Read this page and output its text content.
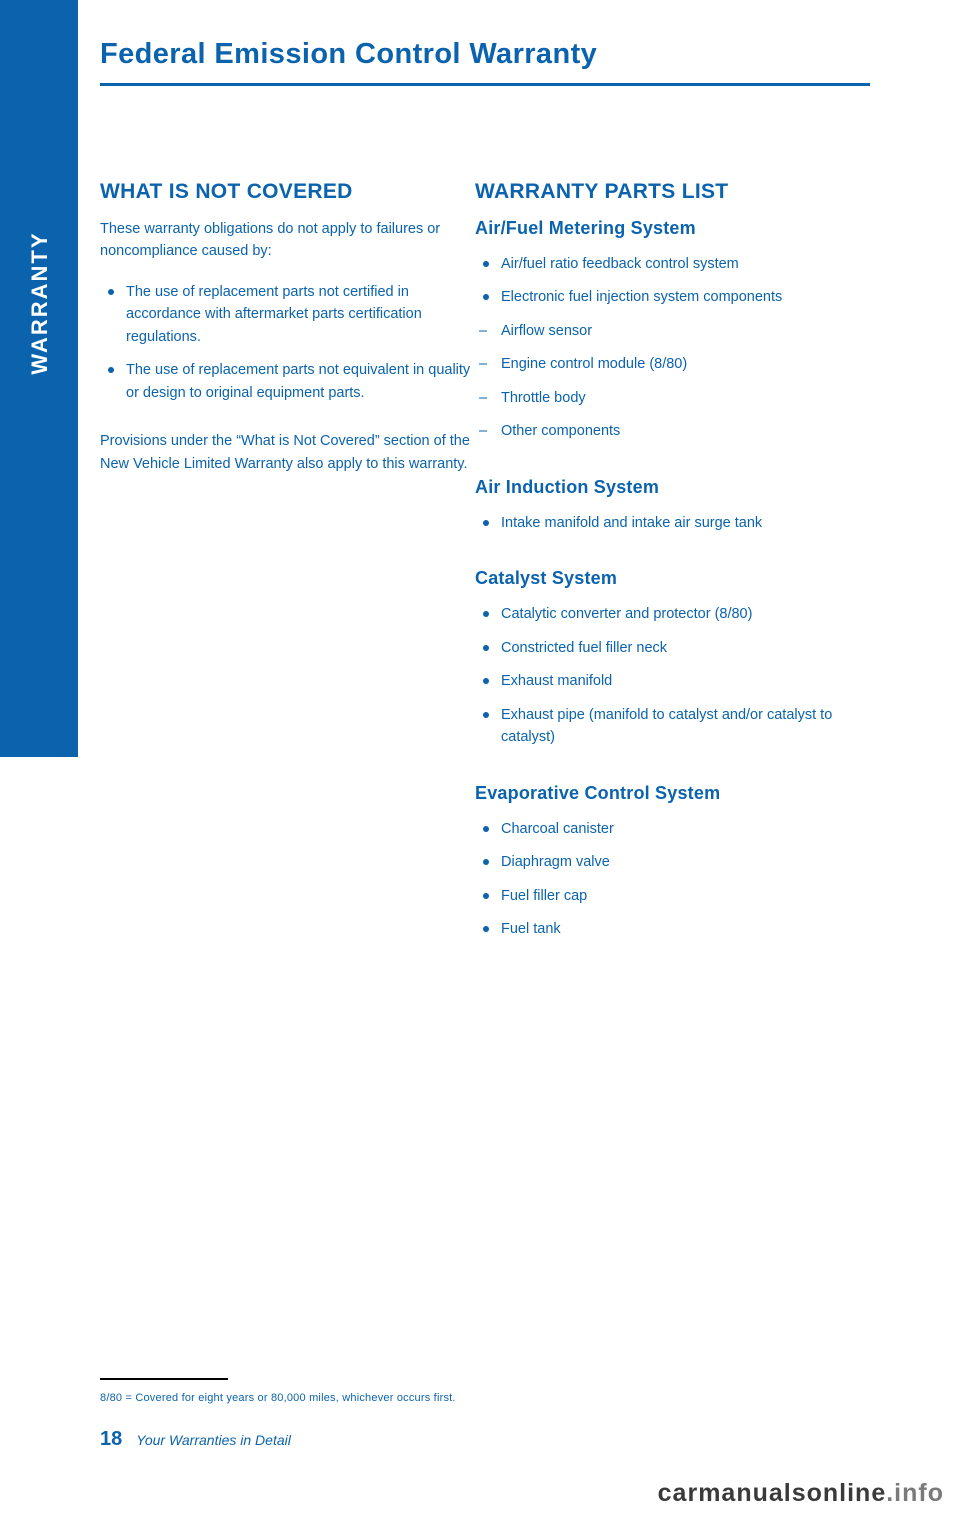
WARRANTY
Federal Emission Control Warranty
WHAT IS NOT COVERED

These warranty obligations do not apply to failures or noncompliance caused by:

The use of replacement parts not certified in accordance with aftermarket parts certification regulations.
The use of replacement parts not equivalent in quality or design to original equipment parts.

Provisions under the “What is Not Covered” section of the New Vehicle Limited Warranty also apply to this warranty.

WARRANTY PARTS LIST
Air/Fuel Metering System
Air/fuel ratio feedback control system
Electronic fuel injection system components
– Airflow sensor
– Engine control module (8/80)
– Throttle body
– Other components
Air Induction System
Intake manifold and intake air surge tank
Catalyst System
Catalytic converter and protector (8/80)
Constricted fuel filler neck
Exhaust manifold
Exhaust pipe (manifold to catalyst and/or catalyst to catalyst)
Evaporative Control System
Charcoal canister
Diaphragm valve
Fuel filler cap
Fuel tank
8/80 = Covered for eight years or 80,000 miles, whichever occurs first.
18 Your Warranties in Detail
carmanualsonline.info
